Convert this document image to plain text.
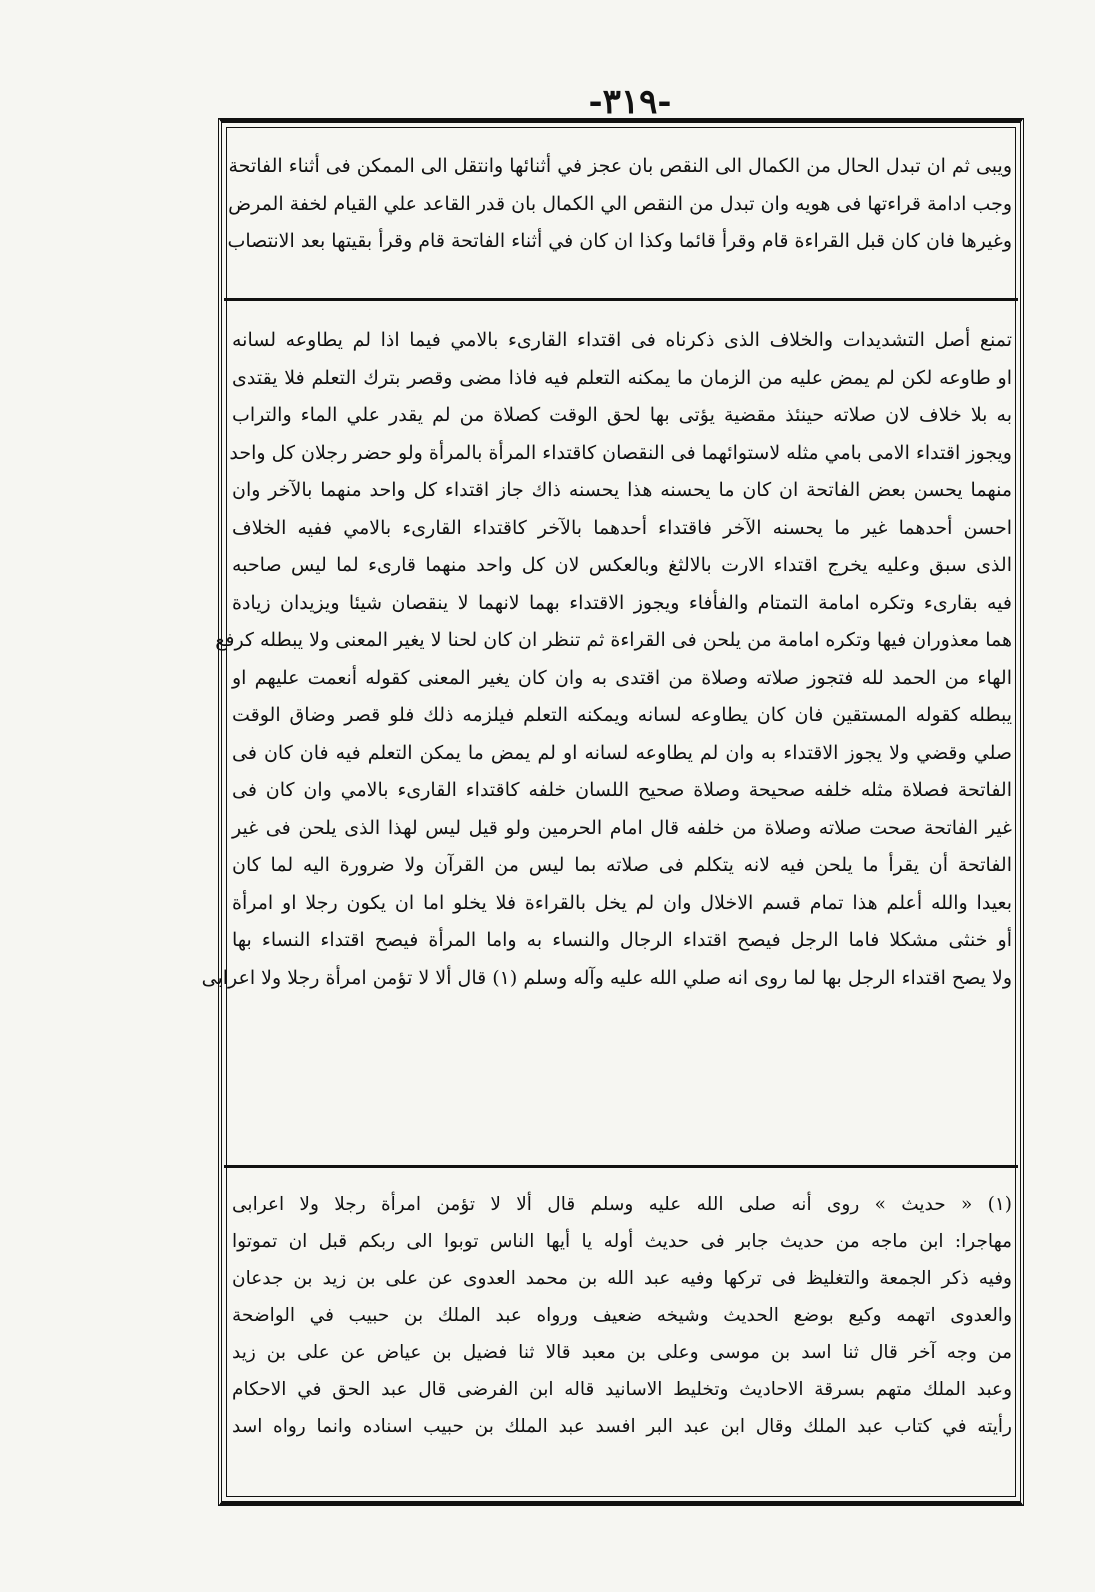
-٣١٩-
ويبى ثم ان تبدل الحال من الكمال الى النقص بان عجز في أثنائها وانتقل الى الممكن فى أثناء الفاتحة
وجب ادامة قراءتها فى هويه وان تبدل من النقص الي الكمال بان قدر القاعد علي القيام لخفة المرض
وغيرها فان كان قبل القراءة قام وقرأ قائما وكذا ان كان في أثناء الفاتحة قام وقرأ بقيتها بعد الانتصاب
تمنع أصل التشديدات والخلاف الذى ذكرناه فى اقتداء القارىء بالامي فيما اذا لم يطاوعه لسانه
او طاوعه لكن لم يمض عليه من الزمان ما يمكنه التعلم فيه فاذا مضى وقصر بترك التعلم فلا يقتدى
به بلا خلاف لان صلاته حينئذ مقضية يؤتى بها لحق الوقت كصلاة من لم يقدر علي الماء والتراب
ويجوز اقتداء الامى بامي مثله لاستوائهما فى النقصان كاقتداء المرأة بالمرأة ولو حضر رجلان كل واحد
منهما يحسن بعض الفاتحة ان كان ما يحسنه هذا يحسنه ذاك جاز اقتداء كل واحد منهما بالآخر وان
احسن أحدهما غير ما يحسنه الآخر فاقتداء أحدهما بالآخر كاقتداء القارىء بالامي ففيه الخلاف
الذى سبق وعليه يخرج اقتداء الارت بالالثغ وبالعكس لان كل واحد منهما قارىء لما ليس صاحبه
فيه بقارىء وتكره امامة التمتام والفأفاء ويجوز الاقتداء بهما لانهما لا ينقصان شيئا ويزيدان زيادة
هما معذوران فيها وتكره امامة من يلحن فى القراءة ثم تنظر ان كان لحنا لا يغير المعنى ولا يبطله كرفع
الهاء من الحمد لله فتجوز صلاته وصلاة من اقتدى به وان كان يغير المعنى كقوله أنعمت عليهم او
يبطله كقوله المستقين فان كان يطاوعه لسانه ويمكنه التعلم فيلزمه ذلك فلو قصر وضاق الوقت
صلي وقضي ولا يجوز الاقتداء به وان لم يطاوعه لسانه او لم يمض ما يمكن التعلم فيه فان كان فى
الفاتحة فصلاة مثله خلفه صحيحة وصلاة صحيح اللسان خلفه كاقتداء القارىء بالامي وان كان فى
غير الفاتحة صحت صلاته وصلاة من خلفه قال امام الحرمين ولو قيل ليس لهذا الذى يلحن فى غير
الفاتحة أن يقرأ ما يلحن فيه لانه يتكلم فى صلاته بما ليس من القرآن ولا ضرورة اليه لما كان
بعيدا والله أعلم هذا تمام قسم الاخلال وان لم يخل بالقراءة فلا يخلو اما ان يكون رجلا او امرأة
أو خنثى مشكلا فاما الرجل فيصح اقتداء الرجال والنساء به واما المرأة فيصح اقتداء النساء بها
ولا يصح اقتداء الرجل بها لما روى انه صلي الله عليه وآله وسلم (١) قال ألا لا تؤمن امرأة رجلا ولا اعرابى
(١) « حديث » روى أنه صلى الله عليه وسلم قال ألا لا تؤمن امرأة رجلا ولا اعرابى
مهاجرا: ابن ماجه من حديث جابر فى حديث أوله يا أيها الناس توبوا الى ربكم قبل ان تموتوا
وفيه ذكر الجمعة والتغليظ فى تركها وفيه عبد الله بن محمد العدوى عن على بن زيد بن جدعان
والعدوى اتهمه وكيع بوضع الحديث وشيخه ضعيف ورواه عبد الملك بن حبيب في الواضحة
من وجه آخر قال ثنا اسد بن موسى وعلى بن معبد قالا ثنا فضيل بن عياض عن على بن زيد
وعبد الملك متهم بسرقة الاحاديث وتخليط الاسانيد قاله ابن الفرضى قال عبد الحق في الاحكام
رأيته في كتاب عبد الملك وقال ابن عبد البر افسد عبد الملك بن حبيب اسناده وانما رواه اسد
